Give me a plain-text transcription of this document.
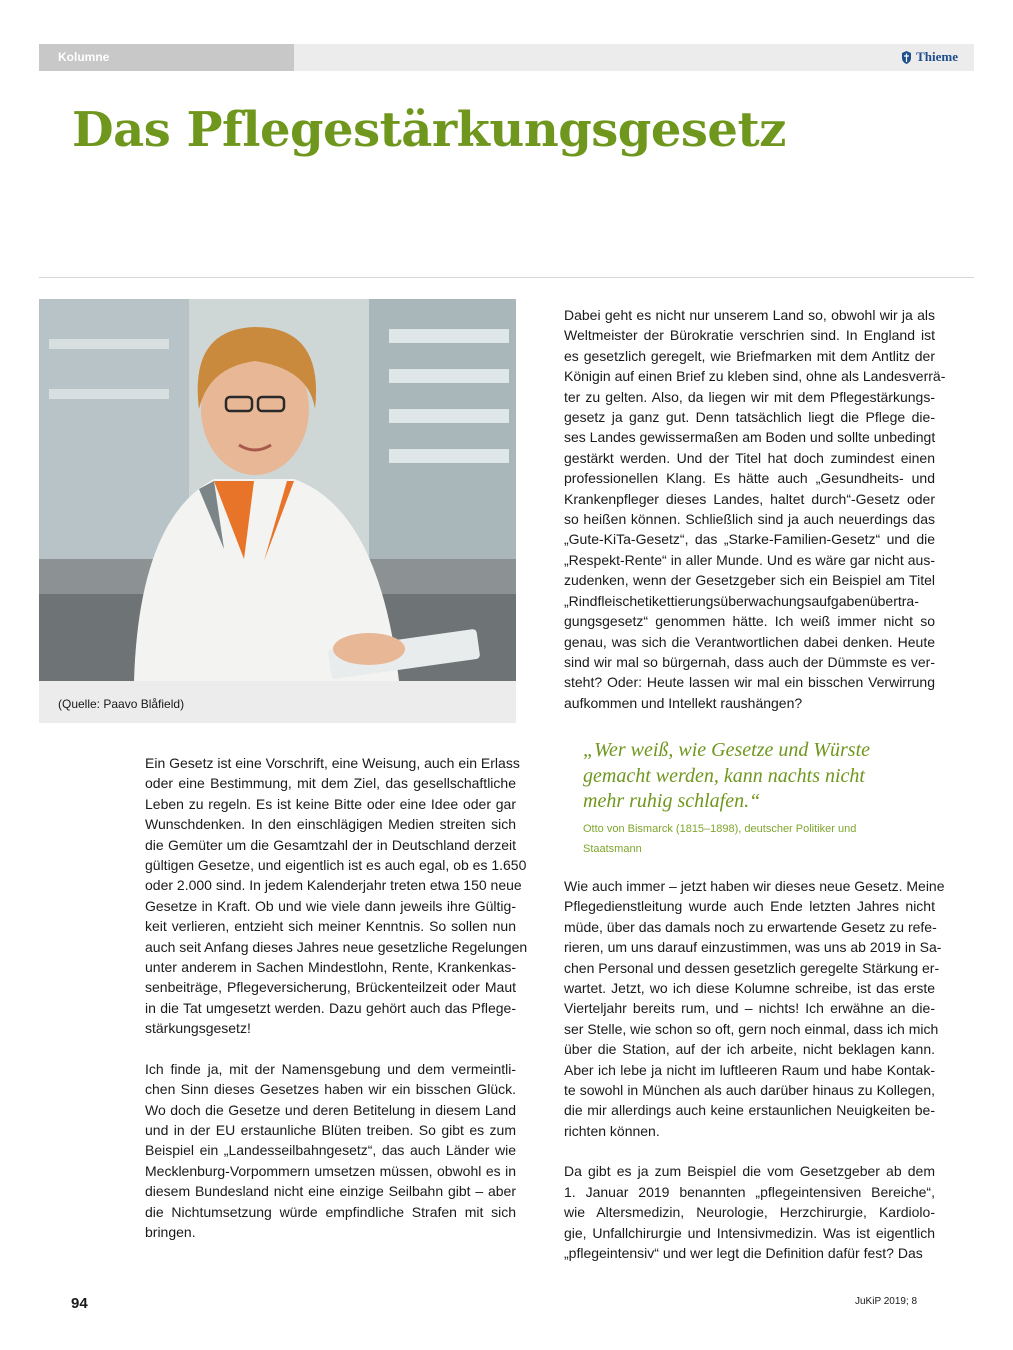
Kolumne	Thieme
Das Pflegestärkungsgesetz
(Quelle: Paavo Blåfield)
Ein Gesetz ist eine Vorschrift, eine Weisung, auch ein Erlass
oder eine Bestimmung, mit dem Ziel, das gesellschaftliche
Leben zu regeln. Es ist keine Bitte oder eine Idee oder gar
Wunschdenken. In den einschlägigen Medien streiten sich
die Gemüter um die Gesamtzahl der in Deutschland derzeit
gültigen Gesetze, und eigentlich ist es auch egal, ob es 1.650
oder 2.000 sind. In jedem Kalenderjahr treten etwa 150 neue
Gesetze in Kraft. Ob und wie viele dann jeweils ihre Gültig-
keit verlieren, entzieht sich meiner Kenntnis. So sollen nun
auch seit Anfang dieses Jahres neue gesetzliche Regelungen
unter anderem in Sachen Mindestlohn, Rente, Krankenkas-
senbeiträge, Pflegeversicherung, Brückenteilzeit oder Maut
in die Tat umgesetzt werden. Dazu gehört auch das Pflege-
stärkungsgesetz!
Ich finde ja, mit der Namensgebung und dem vermeintli-
chen Sinn dieses Gesetzes haben wir ein bisschen Glück.
Wo doch die Gesetze und deren Betitelung in diesem Land
und in der EU erstaunliche Blüten treiben. So gibt es zum
Beispiel ein „Landesseilbahngesetz“, das auch Länder wie
Mecklenburg-Vorpommern umsetzen müssen, obwohl es in
diesem Bundesland nicht eine einzige Seilbahn gibt – aber
die Nichtumsetzung würde empfindliche Strafen mit sich
bringen.
Dabei geht es nicht nur unserem Land so, obwohl wir ja als
Weltmeister der Bürokratie verschrien sind. In England ist
es gesetzlich geregelt, wie Briefmarken mit dem Antlitz der
Königin auf einen Brief zu kleben sind, ohne als Landesverrä-
ter zu gelten. Also, da liegen wir mit dem Pflegestärkungs-
gesetz ja ganz gut. Denn tatsächlich liegt die Pflege die-
ses Landes gewissermaßen am Boden und sollte unbedingt
gestärkt werden. Und der Titel hat doch zumindest einen
professionellen Klang. Es hätte auch „Gesundheits- und
Krankenpfleger dieses Landes, haltet durch“-Gesetz oder
so heißen können. Schließlich sind ja auch neuerdings das
„Gute-KiTa-Gesetz“, das „Starke-Familien-Gesetz“ und die
„Respekt-Rente“ in aller Munde. Und es wäre gar nicht aus-
zudenken, wenn der Gesetzgeber sich ein Beispiel am Titel
„Rindfleischetikettierungsüberwachungsaufgabenübertra-
gungsgesetz“ genommen hätte. Ich weiß immer nicht so
genau, was sich die Verantwortlichen dabei denken. Heute
sind wir mal so bürgernah, dass auch der Dümmste es ver-
steht? Oder: Heute lassen wir mal ein bisschen Verwirrung
aufkommen und Intellekt raushängen?
„Wer weiß, wie Gesetze und Würste
gemacht werden, kann nachts nicht
mehr ruhig schlafen.“
Otto von Bismarck (1815–1898), deutscher Politiker und Staatsmann
Wie auch immer – jetzt haben wir dieses neue Gesetz. Meine
Pflegedienstleitung wurde auch Ende letzten Jahres nicht
müde, über das damals noch zu erwartende Gesetz zu refe-
rieren, um uns darauf einzustimmen, was uns ab 2019 in Sa-
chen Personal und dessen gesetzlich geregelte Stärkung er-
wartet. Jetzt, wo ich diese Kolumne schreibe, ist das erste
Vierteljahr bereits rum, und – nichts! Ich erwähne an die-
ser Stelle, wie schon so oft, gern noch einmal, dass ich mich
über die Station, auf der ich arbeite, nicht beklagen kann.
Aber ich lebe ja nicht im luftleeren Raum und habe Kontak-
te sowohl in München als auch darüber hinaus zu Kollegen,
die mir allerdings auch keine erstaunlichen Neuigkeiten be-
richten können.
Da gibt es ja zum Beispiel die vom Gesetzgeber ab dem
1. Januar 2019 benannten „pflegeintensiven Bereiche“,
wie Altersmedizin, Neurologie, Herzchirurgie, Kardiolo-
gie, Unfallchirurgie und Intensivmedizin. Was ist eigentlich
„pflegeintensiv“ und wer legt die Definition dafür fest? Das
94	JuKiP 2019; 8
